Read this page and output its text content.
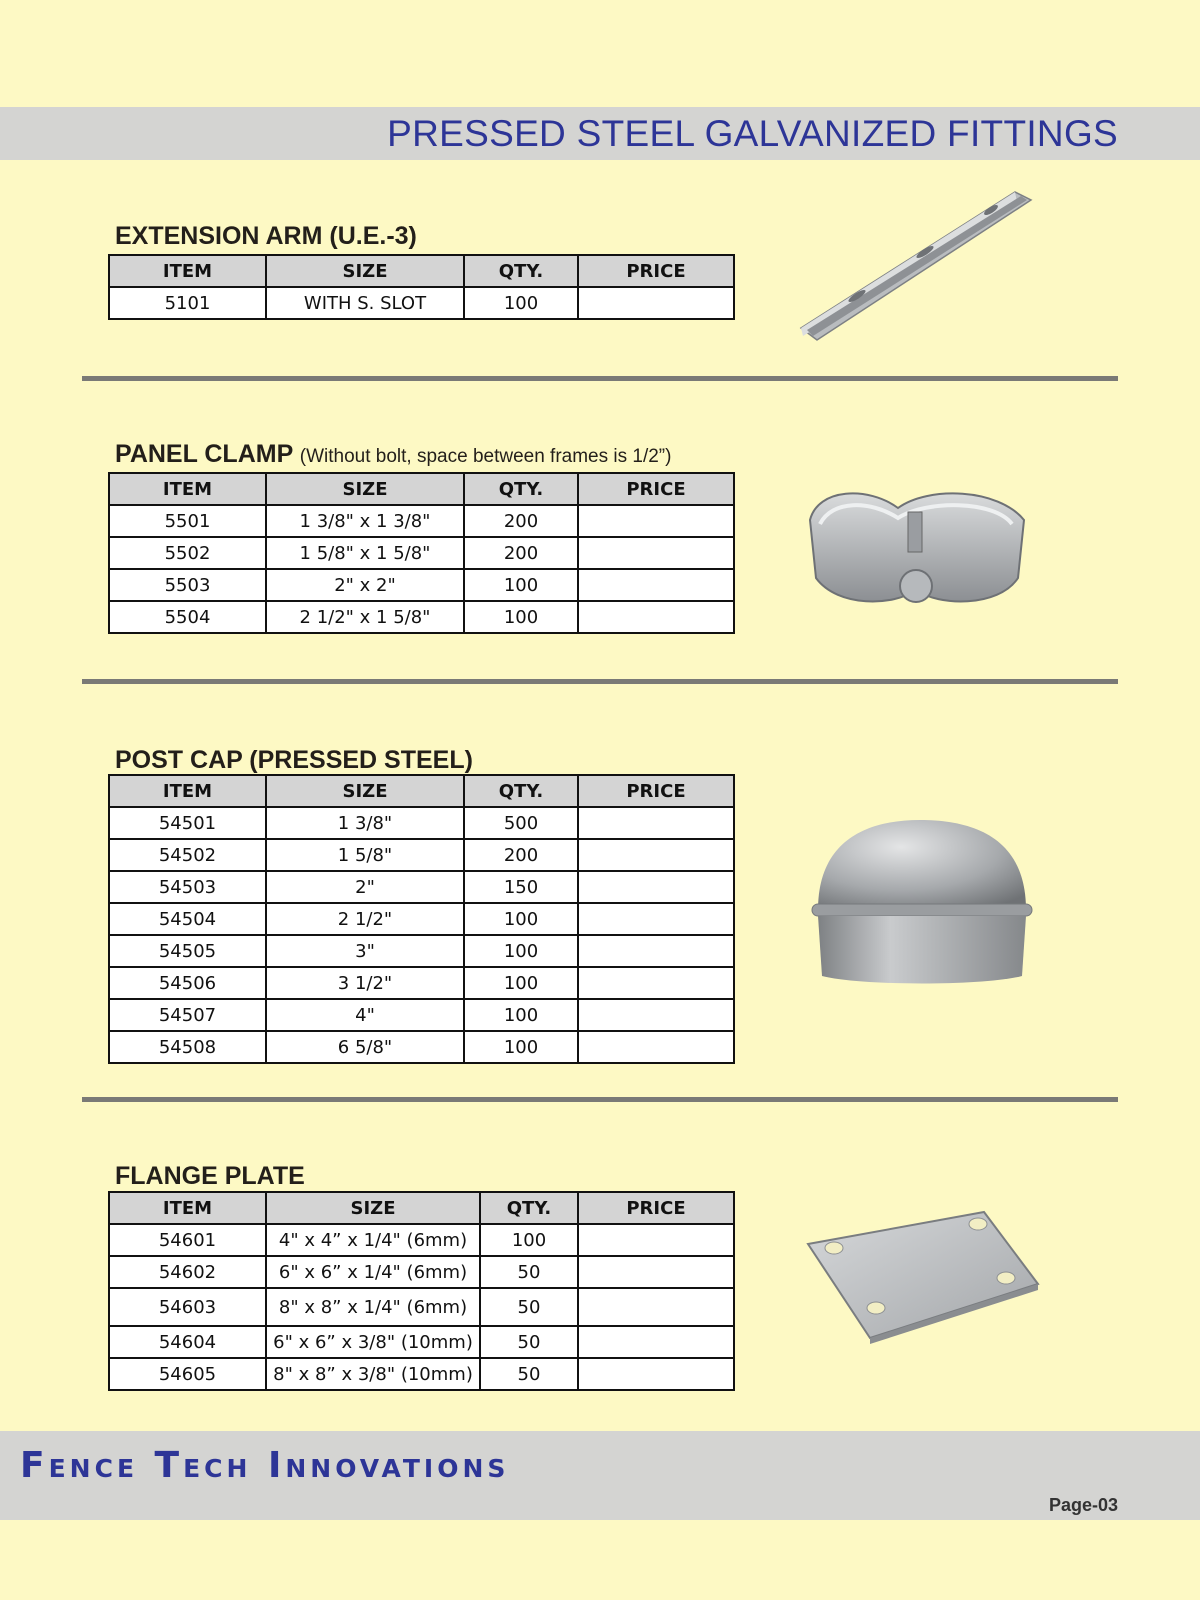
PRESSED STEEL GALVANIZED FITTINGS
EXTENSION ARM (U.E.-3)
ITEM	SIZE	QTY.	PRICE
5101	WITH S. SLOT	100	
PANEL CLAMP (Without bolt, space between frames is 1/2”)
ITEM	SIZE	QTY.	PRICE
5501	1 3/8" x 1 3/8"	200	
5502	1 5/8" x 1 5/8"	200	
5503	2" x 2"	100	
5504	2 1/2" x 1 5/8"	100	
POST CAP (PRESSED STEEL)
ITEM	SIZE	QTY.	PRICE
54501	1 3/8"	500	
54502	1 5/8"	200	
54503	2"	150	
54504	2 1/2"	100	
54505	3"	100	
54506	3 1/2"	100	
54507	4"	100	
54508	6 5/8"	100	
FLANGE PLATE
ITEM	SIZE	QTY.	PRICE
54601	4" x 4” x 1/4" (6mm)	100	
54602	6" x 6” x 1/4" (6mm)	50	
54603	8" x 8” x 1/4" (6mm)	50	
54604	6" x 6” x 3/8" (10mm)	50	
54605	8" x 8” x 3/8" (10mm)	50	
Fence Tech Innovations
Page-03
